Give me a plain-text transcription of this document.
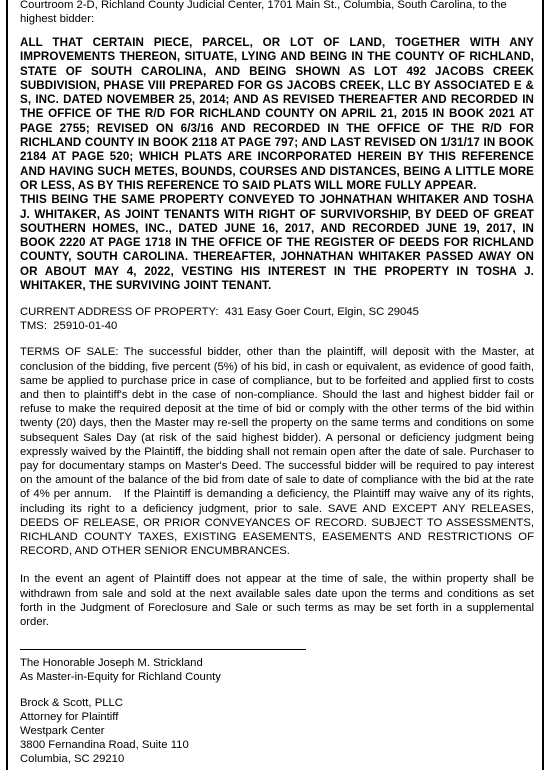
Courtroom 2-D, Richland County Judicial Center, 1701 Main St., Columbia, South Carolina, to the highest bidder:

ALL THAT CERTAIN PIECE, PARCEL, OR LOT OF LAND, TOGETHER WITH ANY IMPROVEMENTS THEREON, SITUATE, LYING AND BEING IN THE COUNTY OF RICHLAND, STATE OF SOUTH CAROLINA, AND BEING SHOWN AS LOT 492 JACOBS CREEK SUBDIVISION, PHASE VIII PREPARED FOR GS JACOBS CREEK, LLC BY ASSOCIATED E & S, INC. DATED NOVEMBER 25, 2014; AND AS REVISED THEREAFTER AND RECORDED IN THE OFFICE OF THE R/D FOR RICHLAND COUNTY ON APRIL 21, 2015 IN BOOK 2021 AT PAGE 2755; REVISED ON 6/3/16 AND RECORDED IN THE OFFICE OF THE R/D FOR RICHLAND COUNTY IN BOOK 2118 AT PAGE 797; AND LAST REVISED ON 1/31/17 IN BOOK 2184 AT PAGE 520; WHICH PLATS ARE INCORPORATED HEREIN BY THIS REFERENCE AND HAVING SUCH METES, BOUNDS, COURSES AND DISTANCES, BEING A LITTLE MORE OR LESS, AS BY THIS REFERENCE TO SAID PLATS WILL MORE FULLY APPEAR.

THIS BEING THE SAME PROPERTY CONVEYED TO JOHNATHAN WHITAKER AND TOSHA J. WHITAKER, AS JOINT TENANTS WITH RIGHT OF SURVIVORSHIP, BY DEED OF GREAT SOUTHERN HOMES, INC., DATED JUNE 16, 2017, AND RECORDED JUNE 19, 2017, IN BOOK 2220 AT PAGE 1718 IN THE OFFICE OF THE REGISTER OF DEEDS FOR RICHLAND COUNTY, SOUTH CAROLINA. THEREAFTER, JOHNATHAN WHITAKER PASSED AWAY ON OR ABOUT MAY 4, 2022, VESTING HIS INTEREST IN THE PROPERTY IN TOSHA J. WHITAKER, THE SURVIVING JOINT TENANT.

CURRENT ADDRESS OF PROPERTY:  431 Easy Goer Court, Elgin, SC 29045

TMS:  25910-01-40

TERMS OF SALE: The successful bidder, other than the plaintiff, will deposit with the Master, at conclusion of the bidding, five percent (5%) of his bid, in cash or equivalent, as evidence of good faith, same be applied to purchase price in case of compliance, but to be forfeited and applied first to costs and then to plaintiff's debt in the case of non-compliance. Should the last and highest bidder fail or refuse to make the required deposit at the time of bid or comply with the other terms of the bid within twenty (20) days, then the Master may re-sell the property on the same terms and conditions on some subsequent Sales Day (at risk of the said highest bidder). A personal or deficiency judgment being expressly waived by the Plaintiff, the bidding shall not remain open after the date of sale. Purchaser to pay for documentary stamps on Master's Deed. The successful bidder will be required to pay interest on the amount of the balance of the bid from date of sale to date of compliance with the bid at the rate of 4% per annum.   If the Plaintiff is demanding a deficiency, the Plaintiff may waive any of its rights, including its right to a deficiency judgment, prior to sale. SAVE AND EXCEPT ANY RELEASES, DEEDS OF RELEASE, OR PRIOR CONVEYANCES OF RECORD. SUBJECT TO ASSESSMENTS, RICHLAND COUNTY TAXES, EXISTING EASEMENTS, EASEMENTS AND RESTRICTIONS OF RECORD, AND OTHER SENIOR ENCUMBRANCES.

In the event an agent of Plaintiff does not appear at the time of sale, the within property shall be withdrawn from sale and sold at the next available sales date upon the terms and conditions as set forth in the Judgment of Foreclosure and Sale or such terms as may be set forth in a supplemental order.

The Honorable Joseph M. Strickland

As Master-in-Equity for Richland County

Brock & Scott, PLLC

Attorney for Plaintiff

Westpark Center

3800 Fernandina Road, Suite 110

Columbia, SC 29210
